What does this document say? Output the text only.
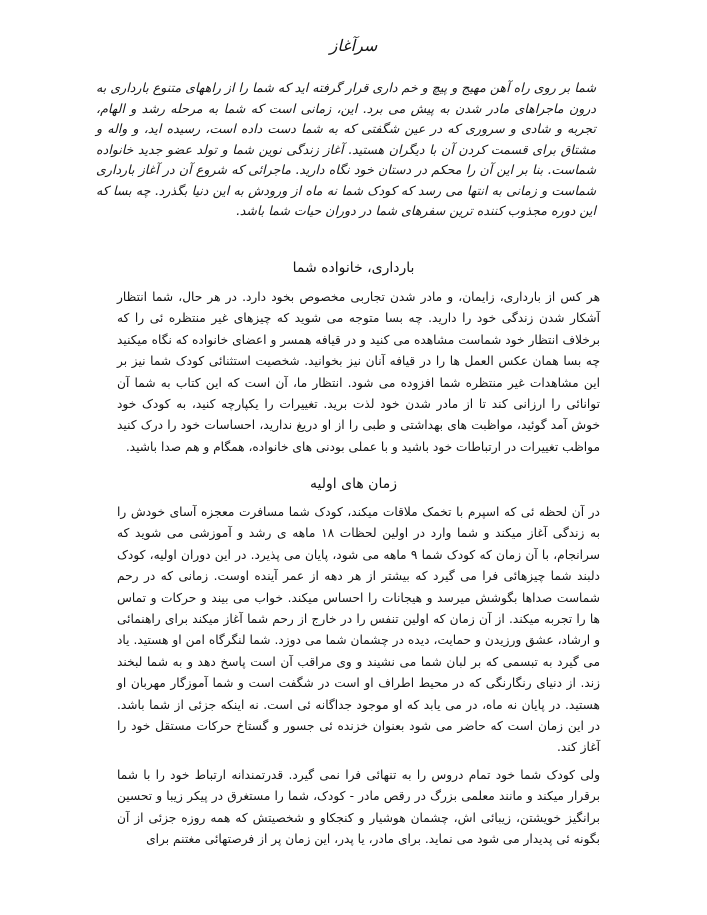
سرآغاز

شما بر روی راه آهن مهیج و پیچ و خم داری قرار گرفته اید که شما را از راههای متنوع بارداری به درون ماجراهای مادر شدن به پیش می برد. این، زمانی است که شما به مرحله رشد و الهام، تجربه و شادی و سروری که در عین شگفتی که به شما دست داده است، رسیده اید، و واله و مشتاق برای قسمت کردن آن با دیگران هستید. آغاز زندگی نوین شما و تولد عضو جدید خانواده شماست. بنا بر این آن را محکم در دستان خود نگاه دارید. ماجرائی که شروع آن در آغاز بارداری شماست و زمانی به انتها می رسد که کودک شما نه ماه از ورودش به این دنیا بگذرد. چه بسا که این دوره مجذوب کننده ترین سفرهای شما در دوران حیات شما باشد.

بارداری، خانواده شما

هر کس از بارداری، زایمان، و مادر شدن تجاربی مخصوص بخود دارد. در هر حال، شما انتظار آشکار شدن زندگی خود را دارید. چه بسا متوجه می شوید که چیزهای غیر منتظره ئی را که برخلاف انتظار خود شماست مشاهده می کنید و در قیافه همسر و اعضای خانواده که نگاه میکنید چه بسا همان عکس العمل ها را در قیافه آنان نیز بخوانید. شخصیت استثنائی کودک شما نیز بر این مشاهدات غیر منتظره شما افزوده می شود. انتظار ما، آن است که این کتاب به شما آن توانائی را ارزانی کند تا از مادر شدن خود لذت برید. تغییرات را یکپارچه کنید، به کودک خود خوش آمد گوئید، مواظبت های بهداشتی و طبی را از او دریغ ندارید، احساسات خود را درک کنید مواظب تغییرات در ارتباطات خود باشید و با عملی بودنی های خانواده، همگام و هم صدا باشید.

زمان های اولیه

در آن لحظه ئی که اسپرم با تخمک ملاقات میکند، کودک شما مسافرت معجزه آسای خودش را به زندگی آغاز میکند و شما وارد در اولین لحظات ۱۸ ماهه ی رشد و آموزشی می شوید که سرانجام، با آن زمان که کودک شما ۹ ماهه می شود، پایان می پذیرد. در این دوران اولیه، کودک دلبند شما چیزهائی فرا می گیرد که بیشتر از هر دهه از عمر آینده اوست. زمانی که در رحم شماست صداها بگوشش میرسد و هیجانات را احساس میکند. خواب می بیند و حرکات و تماس ها را تجربه میکند. از آن زمان که اولین تنفس را در خارج از رحم شما آغاز میکند برای راهنمائی و ارشاد، عشق ورزیدن و حمایت، دیده در چشمان شما می دوزد. شما لنگرگاه امن او هستید. یاد می گیرد به تبسمی که بر لبان شما می نشیند و وی مراقب آن است پاسخ دهد و به شما لبخند زند. از دنیای رنگارنگی که در محیط اطراف او است در شگفت است و شما آموزگار مهربان او هستید. در پایان نه ماه، در می یابد که او موجود جداگانه ئی است. نه اینکه جزئی از شما باشد. در این زمان است که حاضر می شود بعنوان خزنده ئی جسور و گستاخ حرکات مستقل خود را آغاز کند.

ولی کودک شما خود تمام دروس را به تنهائی فرا نمی گیرد. قدرتمندانه ارتباط خود را با شما برقرار میکند و مانند معلمی بزرگ در رقص مادر - کودک، شما را مستغرق در پیکر زیبا و تحسین برانگیز خویشتن، زیبائی اش، چشمان هوشیار و کنجکاو و شخصیتش که همه روزه جزئی از آن بگونه ئی پدیدار می شود می نماید. برای مادر، یا پدر، این زمان پر از فرصتهائی مغتنم برای
